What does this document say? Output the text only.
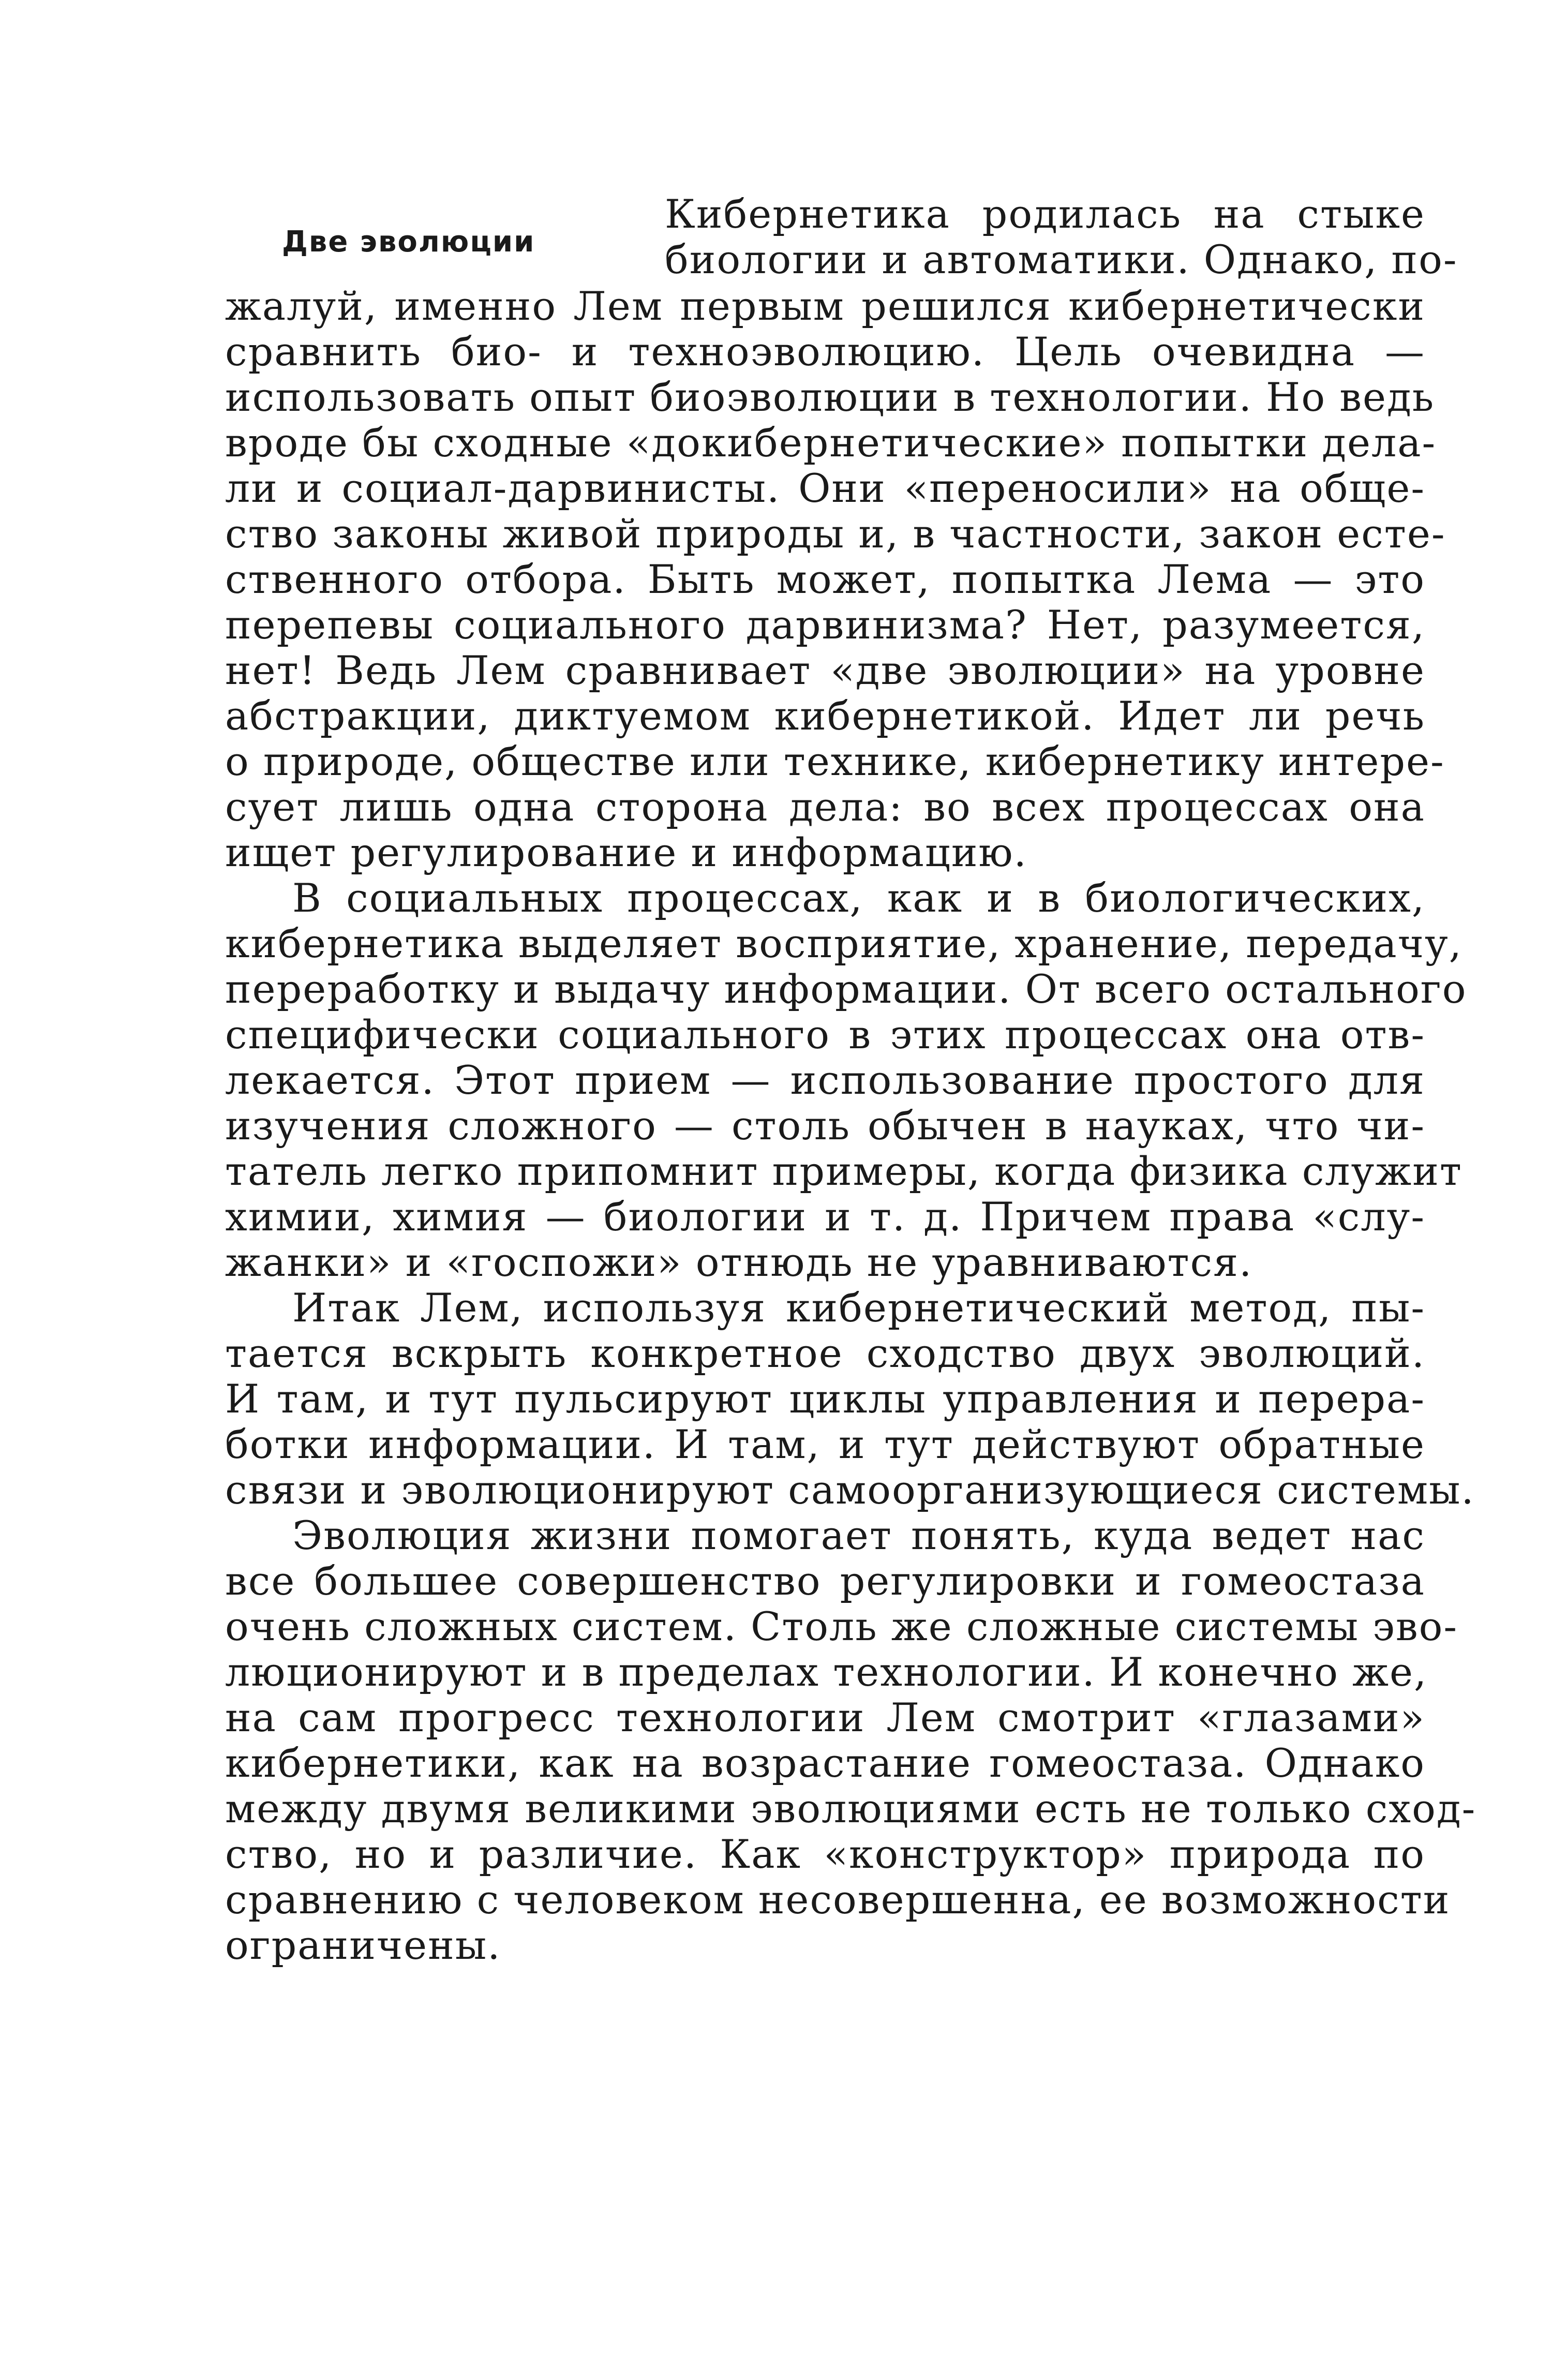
Две эволюции
Кибернетика родилась на стыке
биологии и автоматики. Однако, по-
жалуй, именно Лем первым решился кибернетически
сравнить био- и техноэволюцию. Цель очевидна —
использовать опыт биоэволюции в технологии. Но ведь
вроде бы сходные «докибернетические» попытки дела-
ли и социал-дарвинисты. Они «переносили» на обще-
ство законы живой природы и, в частности, закон есте-
ственного отбора. Быть может, попытка Лема — это
перепевы социального дарвинизма? Нет, разумеется,
нет! Ведь Лем сравнивает «две эволюции» на уровне
абстракции, диктуемом кибернетикой. Идет ли речь
о природе, обществе или технике, кибернетику интере-
сует лишь одна сторона дела: во всех процессах она
ищет регулирование и информацию.
В социальных процессах, как и в биологических,
кибернетика выделяет восприятие, хранение, передачу,
переработку и выдачу информации. От всего остального
специфически социального в этих процессах она отв-
лекается. Этот прием — использование простого для
изучения сложного — столь обычен в науках, что чи-
татель легко припомнит примеры, когда физика служит
химии, химия — биологии и т. д. Причем права «слу-
жанки» и «госпожи» отнюдь не уравниваются.
Итак Лем, используя кибернетический метод, пы-
тается вскрыть конкретное сходство двух эволюций.
И там, и тут пульсируют циклы управления и перера-
ботки информации. И там, и тут действуют обратные
связи и эволюционируют самоорганизующиеся системы.
Эволюция жизни помогает понять, куда ведет нас
все большее совершенство регулировки и гомеостаза
очень сложных систем. Столь же сложные системы эво-
люционируют и в пределах технологии. И конечно же,
на сам прогресс технологии Лем смотрит «глазами»
кибернетики, как на возрастание гомеостаза. Однако
между двумя великими эволюциями есть не только сход-
ство, но и различие. Как «конструктор» природа по
сравнению с человеком несовершенна, ее возможности
ограничены.
